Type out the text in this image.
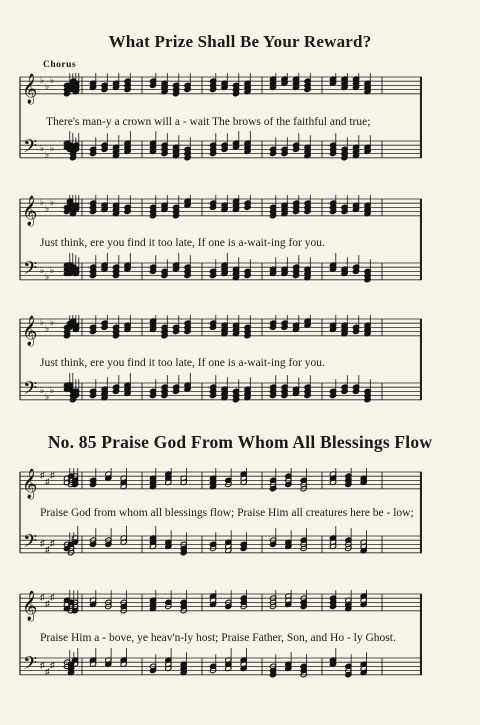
What Prize Shall Be Your Reward?
Chorus
𝄞
𝄢
♭
♭
♭
♭
♭
♭
There's man-y a crown will a - wait The brows of the faithful and true;
𝄞
𝄢
♭
♭
♭
♭
♭
♭
Just think, ere you find it too late, If one is a-wait-ing for you.
𝄞
𝄢
♭
♭
♭
♭
♭
♭
Just think, ere you find it too late, If one is a-wait-ing for you.
No. 85 Praise God From Whom All Blessings Flow
𝄞
𝄢
♯
♯
♯
♯
♯
♯
Praise God from whom all blessings flow; Praise Him all creatures here be - low;
𝄞
𝄢
♯
♯
♯
♯
♯
♯
Praise Him a - bove, ye heav'n-ly host; Praise Father, Son, and Ho - ly Ghost.
